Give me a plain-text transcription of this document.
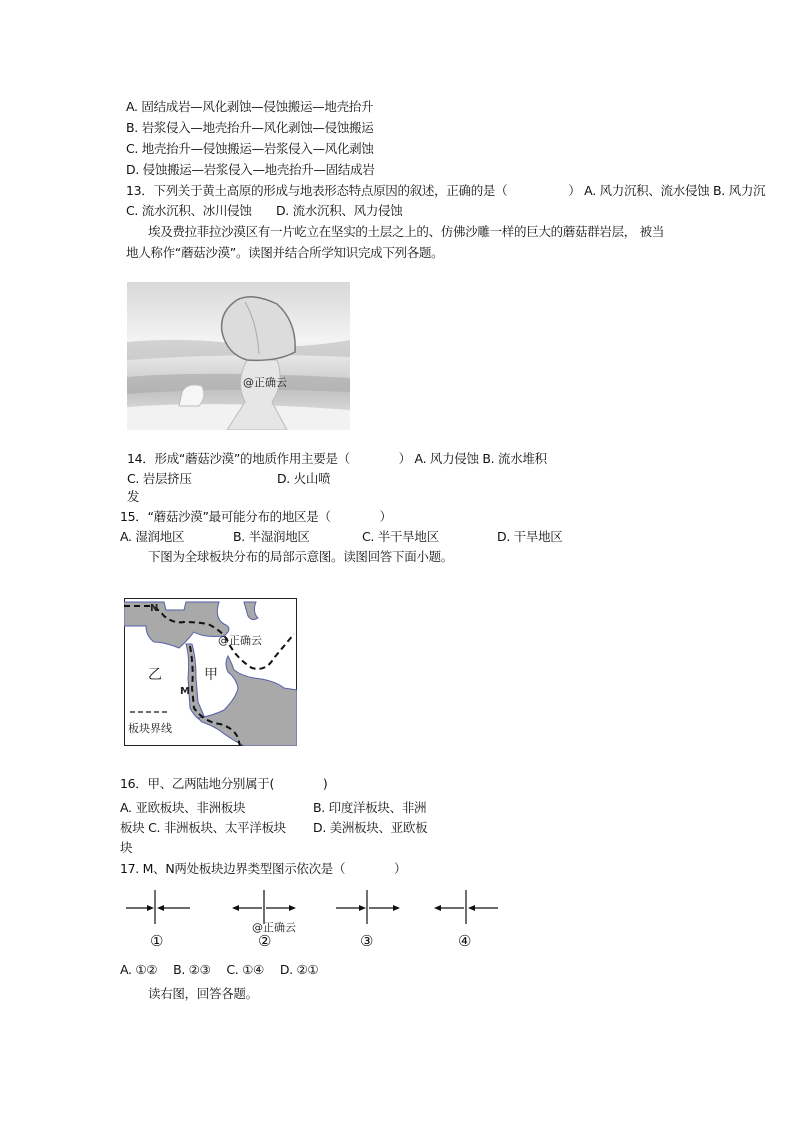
A. 固结成岩—风化剥蚀—侵蚀搬运—地壳抬升
B. 岩浆侵入—地壳抬升—风化剥蚀—侵蚀搬运
C. 地壳抬升—侵蚀搬运—岩浆侵入—风化剥蚀
D. 侵蚀搬运—岩浆侵入—地壳抬升—固结成岩
13．下列关于黄土高原的形成与地表形态特点原因的叙述，正确的是（　　　　　） A. 风力沉积、流水侵蚀 B. 风力沉
C. 流水沉积、冰川侵蚀　　D. 流水沉积、风力侵蚀
埃及费拉菲拉沙漠区有一片屹立在坚实的土层之上的、仿佛沙雕一样的巨大的蘑菇群岩层， 被当
地人称作“蘑菇沙漠”。读图并结合所学知识完成下列各题。
@正确云
14．形成“蘑菇沙漠”的地质作用主要是（　　　　） A. 风力侵蚀 B. 流水堆积
C. 岩层挤压　　　　　　　D. 火山喷
发
15．“蘑菇沙漠”最可能分布的地区是（　　　　）
A. 湿润地区	B. 半湿润地区	C. 半干旱地区	D. 干旱地区
下图为全球板块分布的局部示意图。读图回答下面小题。
N
@正确云
乙	甲
M
板块界线
16．甲、乙两陆地分别属于(　　　　)
A. 亚欧板块、非洲板块	B. 印度洋板块、非洲
板块 C. 非洲板块、太平洋板块 D. 美洲板块、亚欧板
块
17. M、N两处板块边界类型图示依次是（　　　　）
@正确云
①	②	③	④
A. ①②　 B. ②③　 C. ①④　 D. ②①
读右图，回答各题。
